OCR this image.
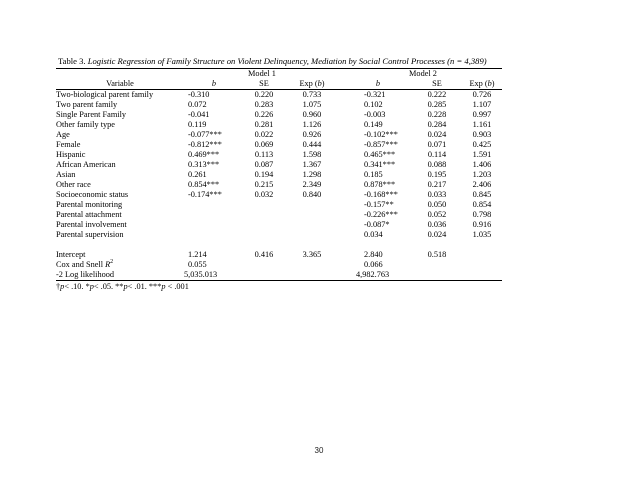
Table 3. Logistic Regression of Family Structure on Violent Delinquency, Mediation by Social Control Processes (n = 4,389)
	Model 1				Model 2		
Variable	b	SE	Exp (b)		b	SE	Exp (b)
Two-biological parent family	-0.310	0.220	0.733		-0.321	0.222	0.726
Two parent family	0.072	0.283	1.075		0.102	0.285	1.107
Single Parent Family	-0.041	0.226	0.960		-0.003	0.228	0.997
Other family type	0.119	0.281	1.126		0.149	0.284	1.161
Age	-0.077***	0.022	0.926		-0.102***	0.024	0.903
Female	-0.812***	0.069	0.444		-0.857***	0.071	0.425
Hispanic	0.469***	0.113	1.598		0.465***	0.114	1.591
African American	0.313***	0.087	1.367		0.341***	0.088	1.406
Asian	0.261	0.194	1.298		0.185	0.195	1.203
Other race	0.854***	0.215	2.349		0.878***	0.217	2.406
Socioeconomic status	-0.174***	0.032	0.840		-0.168***	0.033	0.845
Parental monitoring					-0.157**	0.050	0.854
Parental attachment					-0.226***	0.052	0.798
Parental involvement					-0.087*	0.036	0.916
Parental supervision					0.034	0.024	1.035

Intercept	1.214	0.416	3.365		2.840	0.518	
Cox and Snell $R^2$	0.055				0.066		
-2 Log likelihood	5,035.013				4,982.763		
†p< .10. *p< .05. **p< .01. ***p < .001							
30
